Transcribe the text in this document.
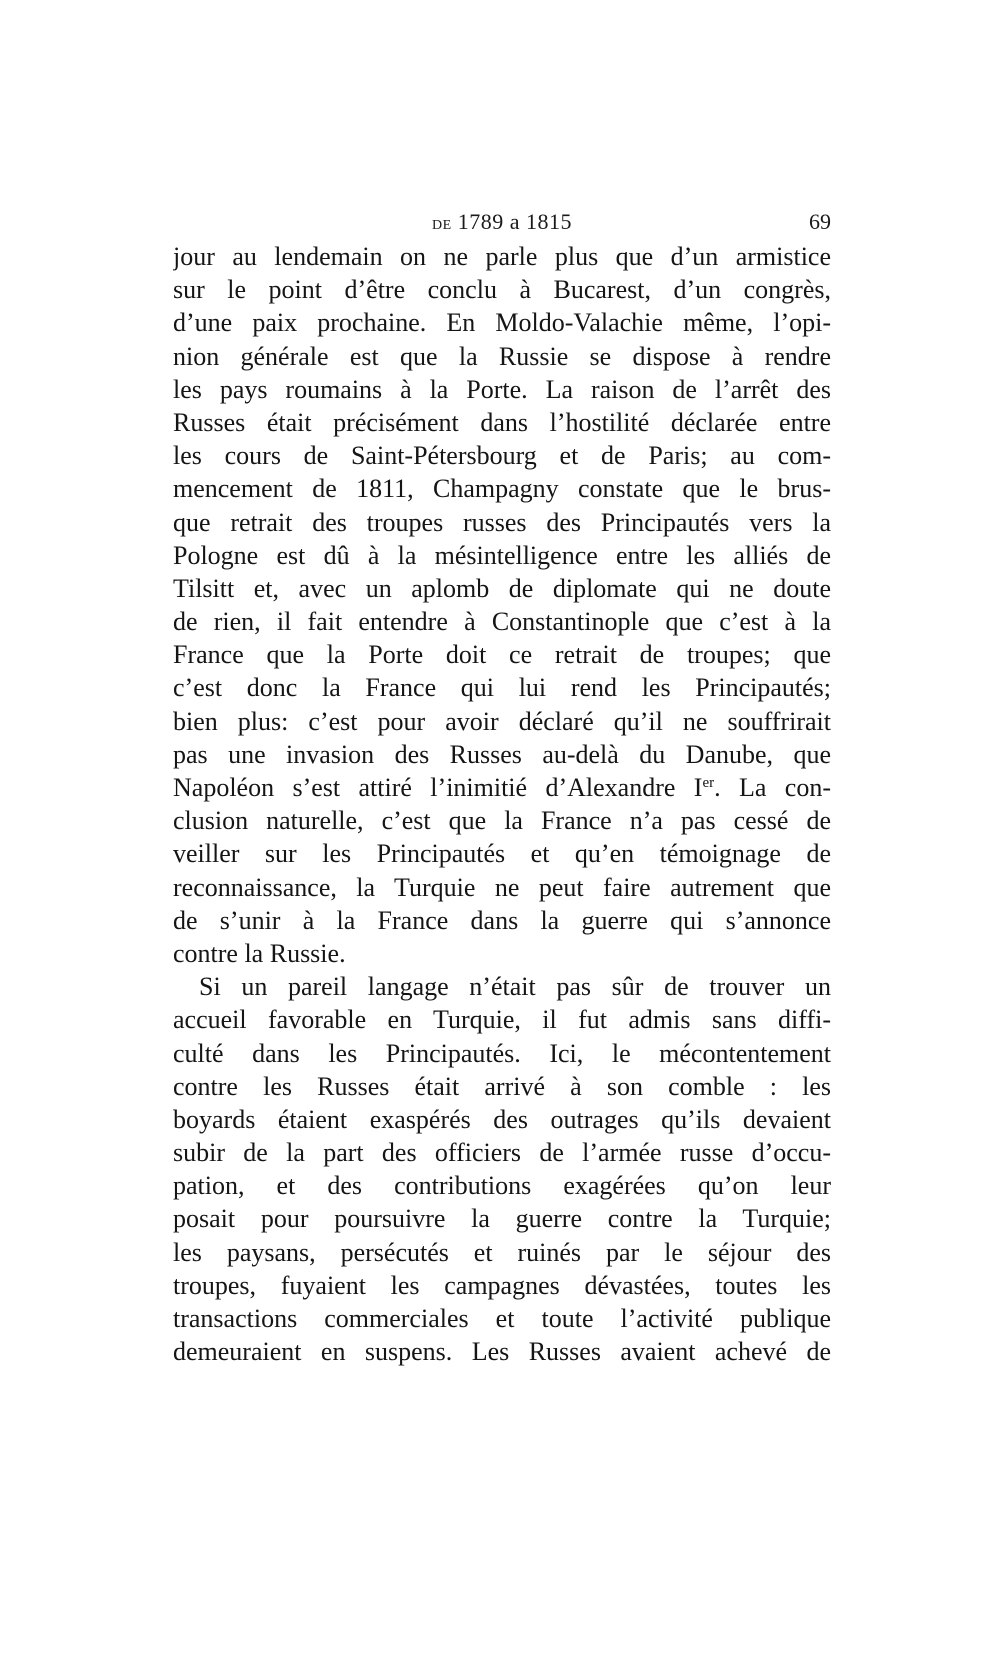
de 1789 a 1815	69
jour au lendemain on ne parle plus que d’un armistice
sur le point d’être conclu à Bucarest, d’un congrès,
d’une paix prochaine. En Moldo-Valachie même, l’opi-
nion générale est que la Russie se dispose à rendre
les pays roumains à la Porte. La raison de l’arrêt des
Russes était précisément dans l’hostilité déclarée entre
les cours de Saint-Pétersbourg et de Paris; au com-
mencement de 1811, Champagny constate que le brus-
que retrait des troupes russes des Principautés vers la
Pologne est dû à la mésintelligence entre les alliés de
Tilsitt et, avec un aplomb de diplomate qui ne doute
de rien, il fait entendre à Constantinople que c’est à la
France que la Porte doit ce retrait de troupes; que
c’est donc la France qui lui rend les Principautés;
bien plus: c’est pour avoir déclaré qu’il ne souffrirait
pas une invasion des Russes au-delà du Danube, que
Napoléon s’est attiré l’inimitié d’Alexandre Ier. La con-
clusion naturelle, c’est que la France n’a pas cessé de
veiller sur les Principautés et qu’en témoignage de
reconnaissance, la Turquie ne peut faire autrement que
de s’unir à la France dans la guerre qui s’annonce
contre la Russie.
Si un pareil langage n’était pas sûr de trouver un
accueil favorable en Turquie, il fut admis sans diffi-
culté dans les Principautés. Ici, le mécontentement
contre les Russes était arrivé à son comble : les
boyards étaient exaspérés des outrages qu’ils devaient
subir de la part des officiers de l’armée russe d’occu-
pation, et des contributions exagérées qu’on leur
posait pour poursuivre la guerre contre la Turquie;
les paysans, persécutés et ruinés par le séjour des
troupes, fuyaient les campagnes dévastées, toutes les
transactions commerciales et toute l’activité publique
demeuraient en suspens. Les Russes avaient achevé de
